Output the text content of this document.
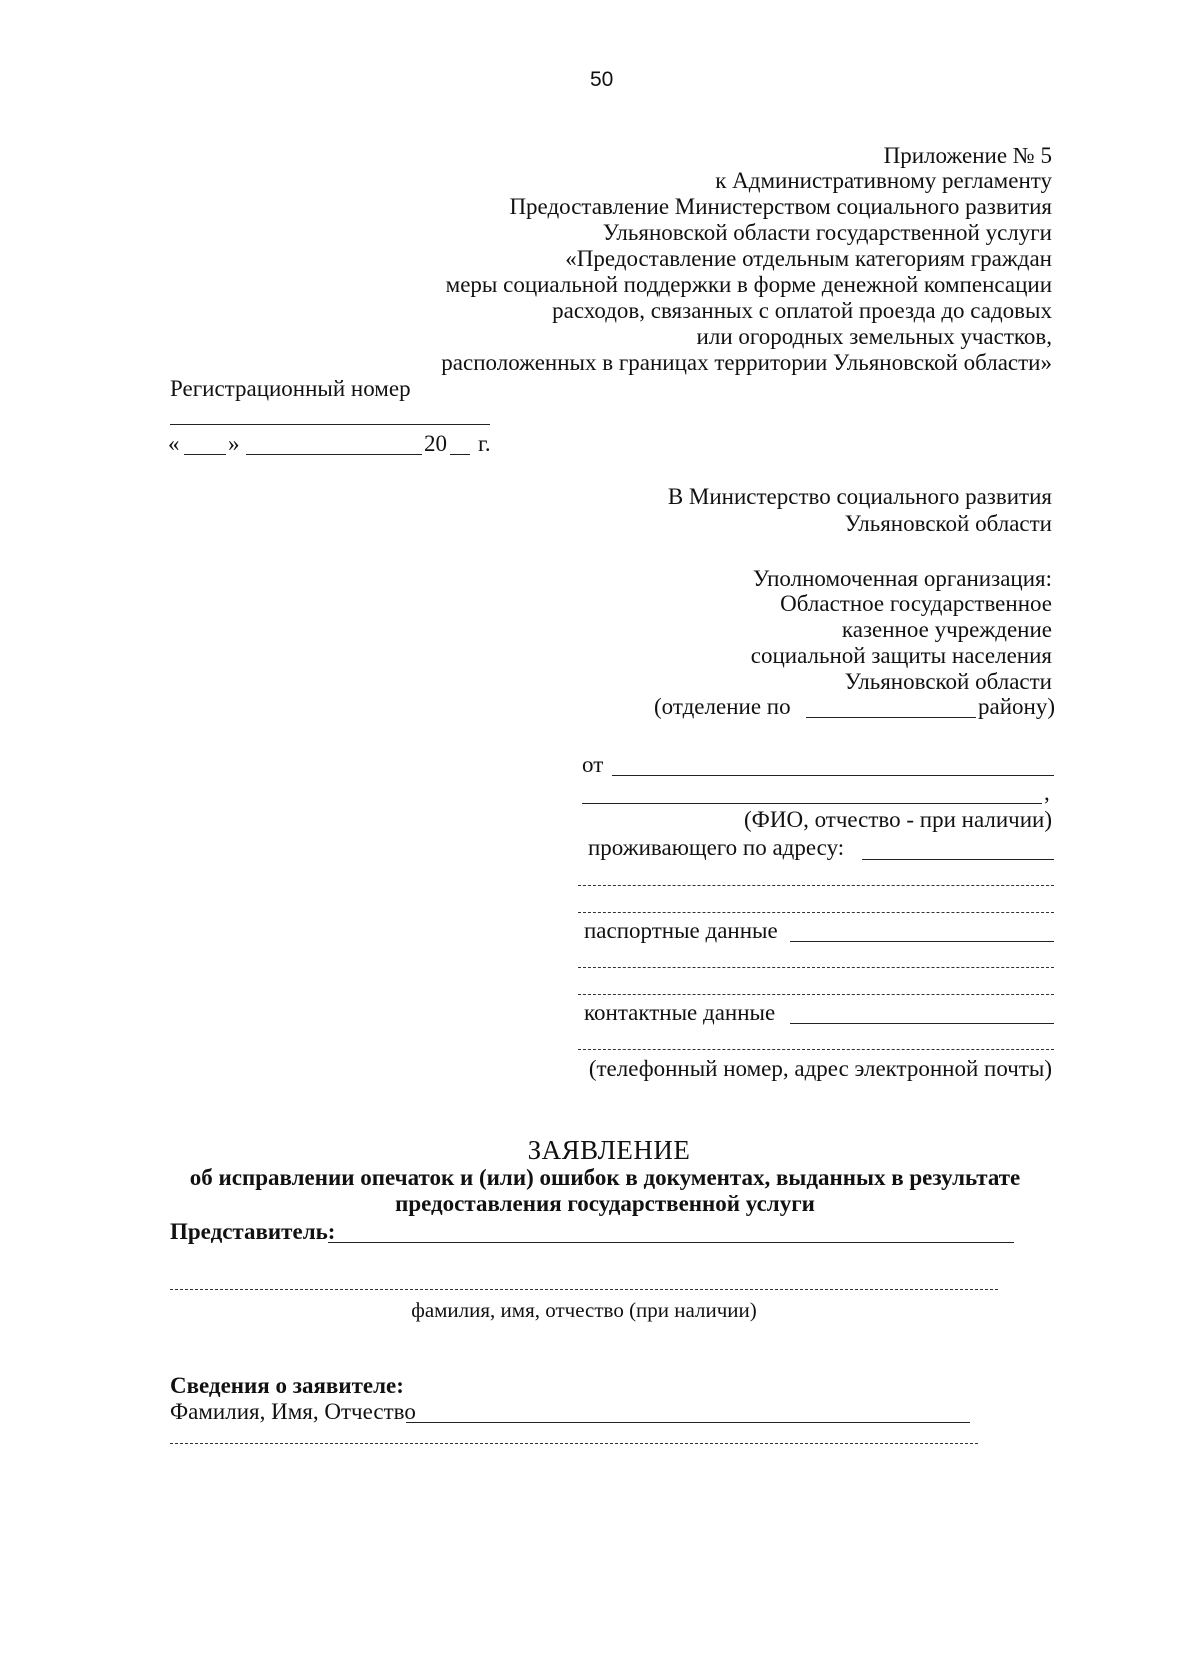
50
Приложение № 5
к Административному регламенту
Предоставление Министерством социального развития
Ульяновской области государственной услуги
«Предоставление отдельным категориям граждан
меры социальной поддержки в форме денежной компенсации
расходов, связанных с оплатой проезда до садовых
или огородных земельных участков,
расположенных в границах территории Ульяновской области»
Регистрационный номер
« »	20 г.
В Министерство социального развития
Ульяновской области
Уполномоченная организация:
Областное государственное
казенное учреждение
социальной защиты населения
Ульяновской области
(отделение по	району)
от
,
(ФИО, отчество - при наличии)
проживающего по адресу:
паспортные данные
контактные данные
(телефонный номер, адрес электронной почты)
ЗАЯВЛЕНИЕ
об исправлении опечаток и (или) ошибок в документах, выданных в результате
предоставления государственной услуги
Представитель:
фамилия, имя, отчество (при наличии)
Сведения о заявителе:
Фамилия, Имя, Отчество
